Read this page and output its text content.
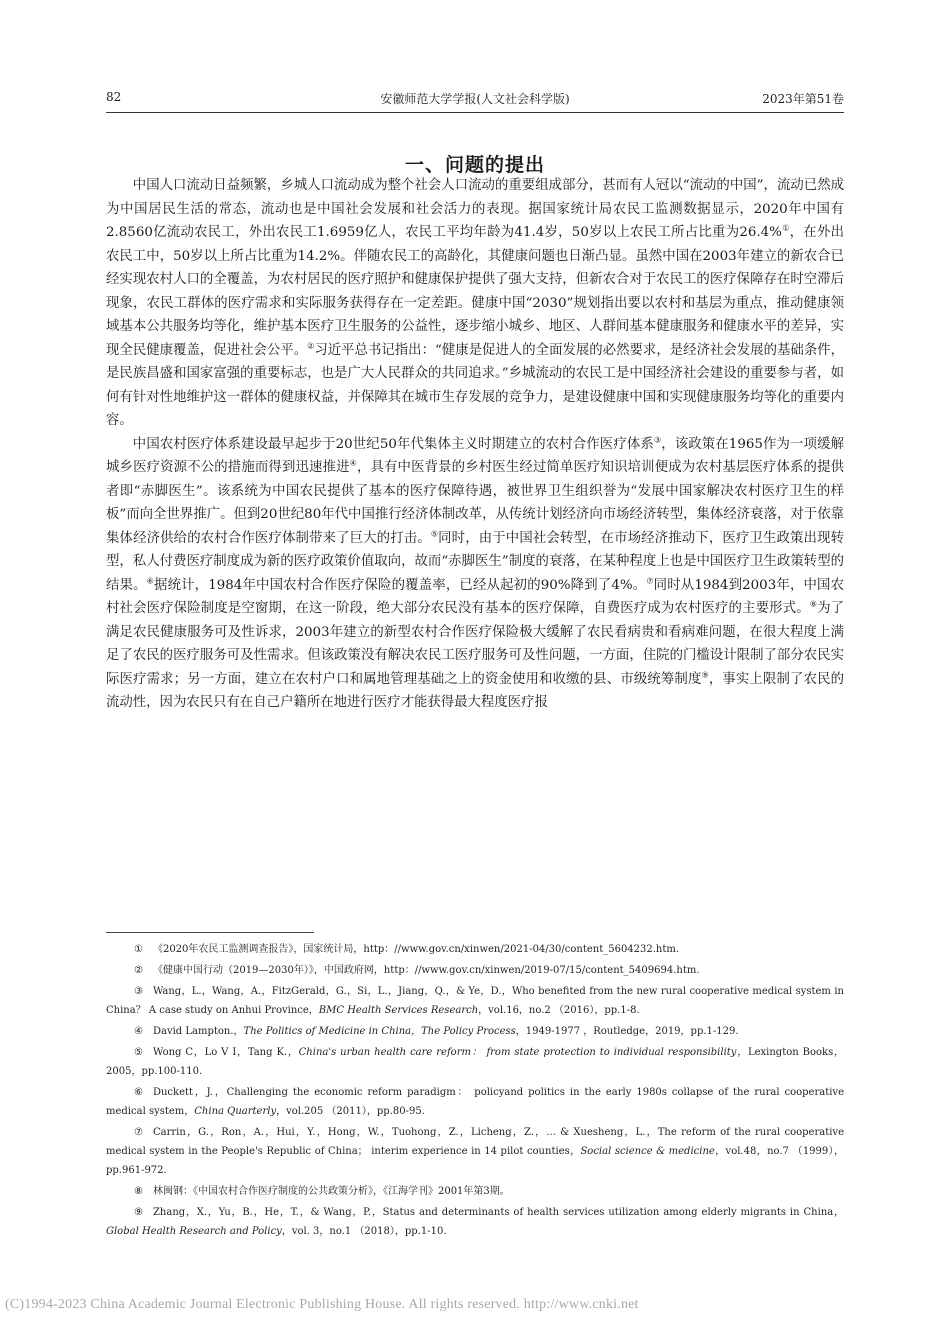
82	安徽师范大学学报(人文社会科学版)	2023年第51卷
一、问题的提出

中国人口流动日益频繁，乡城人口流动成为整个社会人口流动的重要组成部分，甚而有人冠以“流动的中国”，流动已然成为中国居民生活的常态，流动也是中国社会发展和社会活力的表现。据国家统计局农民工监测数据显示，2020年中国有2.8560亿流动农民工，外出农民工1.6959亿人，农民工平均年龄为41.4岁，50岁以上农民工所占比重为26.4%①，在外出农民工中，50岁以上所占比重为14.2%。伴随农民工的高龄化，其健康问题也日渐凸显。虽然中国在2003年建立的新农合已经实现农村人口的全覆盖，为农村居民的医疗照护和健康保护提供了强大支持，但新农合对于农民工的医疗保障存在时空滞后现象，农民工群体的医疗需求和实际服务获得存在一定差距。健康中国“2030”规划指出要以农村和基层为重点，推动健康领域基本公共服务均等化，维护基本医疗卫生服务的公益性，逐步缩小城乡、地区、人群间基本健康服务和健康水平的差异，实现全民健康覆盖，促进社会公平。②习近平总书记指出：“健康是促进人的全面发展的必然要求，是经济社会发展的基础条件，是民族昌盛和国家富强的重要标志，也是广大人民群众的共同追求。”乡城流动的农民工是中国经济社会建设的重要参与者，如何有针对性地维护这一群体的健康权益，并保障其在城市生存发展的竞争力，是建设健康中国和实现健康服务均等化的重要内容。

中国农村医疗体系建设最早起步于20世纪50年代集体主义时期建立的农村合作医疗体系③，该政策在1965作为一项缓解城乡医疗资源不公的措施而得到迅速推进④，具有中医背景的乡村医生经过简单医疗知识培训便成为农村基层医疗体系的提供者即“赤脚医生”。该系统为中国农民提供了基本的医疗保障待遇，被世界卫生组织誉为“发展中国家解决农村医疗卫生的样板”而向全世界推广。但到20世纪80年代中国推行经济体制改革，从传统计划经济向市场经济转型，集体经济衰落，对于依靠集体经济供给的农村合作医疗体制带来了巨大的打击。⑤同时，由于中国社会转型，在市场经济推动下，医疗卫生政策出现转型，私人付费医疗制度成为新的医疗政策价值取向，故而“赤脚医生”制度的衰落，在某种程度上也是中国医疗卫生政策转型的结果。⑥据统计，1984年中国农村合作医疗保险的覆盖率，已经从起初的90%降到了4%。⑦同时从1984到2003年，中国农村社会医疗保险制度是空窗期，在这一阶段，绝大部分农民没有基本的医疗保障，自费医疗成为农村医疗的主要形式。⑧为了满足农民健康服务可及性诉求，2003年建立的新型农村合作医疗保险极大缓解了农民看病贵和看病难问题，在很大程度上满足了农民的医疗服务可及性需求。但该政策没有解决农民工医疗服务可及性问题，一方面，住院的门槛设计限制了部分农民实际医疗需求；另一方面，建立在农村户口和属地管理基础之上的资金使用和收缴的县、市级统筹制度⑨，事实上限制了农民的流动性，因为农民只有在自己户籍所在地进行医疗才能获得最大程度医疗报

① 《2020年农民工监测调查报告》，国家统计局，http：//www.gov.cn/xinwen/2021-04/30/content_5604232.htm.

② 《健康中国行动（2019—2030年）》，中国政府网，http：//www.gov.cn/xinwen/2019-07/15/content_5409694.htm.

③ Wang，L.，Wang，A.，FitzGerald，G.，Si，L.，Jiang，Q.，& Ye，D.，Who benefited from the new rural cooperative medical system in China？ A case study on Anhui Province，BMC Health Services Research，vol.16，no.2 （2016），pp.1-8.

④ David Lampton.，The Politics of Medicine in China，The Policy Process，1949-1977 ，Routledge，2019，pp.1-129.

⑤ Wong C，Lo V I，Tang K.，China's urban health care reform： from state protection to individual responsibility，Lexington Books，2005，pp.100-110.

⑥ Duckett，J.，Challenging the economic reform paradigm： policyand politics in the early 1980s collapse of the rural cooperative medical system，China Quarterly，vol.205 （2011），pp.80-95.

⑦ Carrin，G.，Ron，A.，Hui，Y.，Hong，W.，Tuohong，Z.，Licheng，Z.，... & Xuesheng，L.，The reform of the rural cooperative medical system in the People's Republic of China； interim experience in 14 pilot counties，Social science & medicine，vol.48，no.7 （1999），pp.961-972.

⑧ 林闽钢：《中国农村合作医疗制度的公共政策分析》，《江海学刊》2001年第3期。

⑨ Zhang，X.，Yu，B.，He，T.，& Wang，P.，Status and determinants of health services utilization among elderly migrants in China，Global Health Research and Policy，vol. 3，no.1 （2018），pp.1-10.

(C)1994-2023 China Academic Journal Electronic Publishing House. All rights reserved. http://www.cnki.net
